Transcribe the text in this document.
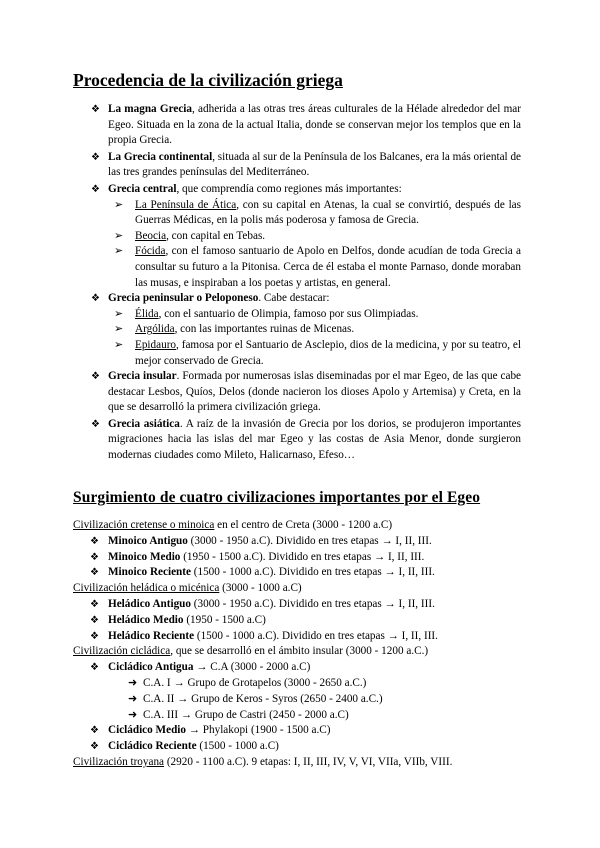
Procedencia de la civilización griega
❖ La magna Grecia, adherida a las otras tres áreas culturales de la Hélade alrededor del mar Egeo. Situada en la zona de la actual Italia, donde se conservan mejor los templos que en la propia Grecia.
❖ La Grecia continental, situada al sur de la Península de los Balcanes, era la más oriental de las tres grandes penínsulas del Mediterráneo.
❖ Grecia central, que comprendía como regiones más importantes:
➢ La Península de Ática, con su capital en Atenas, la cual se convirtió, después de las Guerras Médicas, en la polis más poderosa y famosa de Grecia.
➢ Beocia, con capital en Tebas.
➢ Fócida, con el famoso santuario de Apolo en Delfos, donde acudían de toda Grecia a consultar su futuro a la Pitonisa. Cerca de él estaba el monte Parnaso, donde moraban las musas, e inspiraban a los poetas y artistas, en general.
❖ Grecia peninsular o Peloponeso. Cabe destacar:
➢ Élida, con el santuario de Olimpia, famoso por sus Olimpiadas.
➢ Argólida, con las importantes ruinas de Micenas.
➢ Epidauro, famosa por el Santuario de Asclepio, dios de la medicina, y por su teatro, el mejor conservado de Grecia.
❖ Grecia insular. Formada por numerosas islas diseminadas por el mar Egeo, de las que cabe destacar Lesbos, Quíos, Delos (donde nacieron los dioses Apolo y Artemisa) y Creta, en la que se desarrolló la primera civilización griega.
❖ Grecia asiática. A raíz de la invasión de Grecia por los dorios, se produjeron importantes migraciones hacia las islas del mar Egeo y las costas de Asia Menor, donde surgieron modernas ciudades como Mileto, Halicarnaso, Efeso…
Surgimiento de cuatro civilizaciones importantes por el Egeo
Civilización cretense o minoica en el centro de Creta (3000 - 1200 a.C)
❖ Minoico Antiguo (3000 - 1950 a.C). Dividido en tres etapas → I, II, III.
❖ Minoico Medio (1950 - 1500 a.C). Dividido en tres etapas → I, II, III.
❖ Minoico Reciente (1500 - 1000 a.C). Dividido en tres etapas → I, II, III.
Civilización heládica o micénica (3000 - 1000 a.C)
❖ Heládico Antiguo (3000 - 1950 a.C). Dividido en tres etapas → I, II, III.
❖ Heládico Medio (1950 - 1500 a.C)
❖ Heládico Reciente (1500 - 1000 a.C). Dividido en tres etapas → I, II, III.
Civilización cicládica, que se desarrolló en el ámbito insular (3000 - 1200 a.C.)
❖ Cicládico Antigua → C.A (3000 - 2000 a.C)
➜ C.A. I → Grupo de Grotapelos (3000 - 2650 a.C.)
➜ C.A. II → Grupo de Keros - Syros (2650 - 2400 a.C.)
➜ C.A. III → Grupo de Castri (2450 - 2000 a.C)
❖ Cicládico Medio → Phylakopi (1900 - 1500 a.C)
❖ Cicládico Reciente (1500 - 1000 a.C)
Civilización troyana (2920 - 1100 a.C). 9 etapas: I, II, III, IV, V, VI, VIIa, VIIb, VIII.
